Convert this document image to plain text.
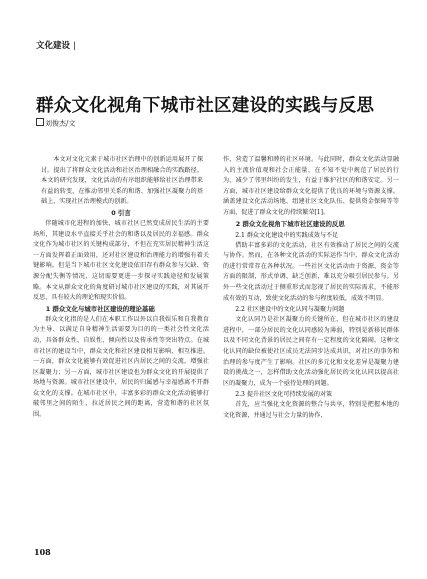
文化建设 |
群众文化视角下城市社区建设的实践与反思
刘俊杰/文

本文对文化元素于城市社区治理中的创新运用展开了探讨。提出了将群众文化活动和社区治理相融合的实践路径。本文的研究发现，文化活动的有序组织能够给社区治理带来有益的转变，在推动邻里关系的和谐、加强社区凝聚力的基础上，实现社区治理模式的创新。

0 引言

伴随城市化进程的加快，城市社区已然变成居民生活的主要场所，其建设水平直接关乎社会的和谐以及居民的幸福感。群众文化作为城市社区的关键构成部分，不但在充实居民精神生活这一方面发挥着正面效用，还对社区建设和治理能力的增强有着关键影响。但是当下城市社区文化建设依旧存有群众参与欠缺、资源分配失衡等情况，这切需要更进一步探寻实践途径和发展策略。本文从群众文化的角度研讨城市社区建设的实践，对其展开反思，具有较大的理论和现实价值。

1 群众文化与城市社区建设的理论基础

群众文化指的是人们在本职工作以外以自我娱乐和自我教育为主导、以满足自身精神生活需要为目的的一类社会性文化活动，具备群众性、自娱性、倾向性以及传承性等突出特点。在城市社区的建设当中，群众文化和社区建设相互影响、相互推进。一方面，群众文化能够有效促进社区内居民之间的交流，增强社区凝聚力；另一方面，城市社区建设也为群众文化的开展提供了场地与资源。城市社区建设中，居民的归属感与幸福感离不开群众文化的支撑。在城市社区中，丰富多彩的群众文化活动能够打破邻里之间的陌生，拉近居民之间的距离，营造和谐的社区氛围。

作，营造了温馨和睦的社区环境。与此同时，群众文化活动显融入的主流价值观和社会正能量，在不知不觉中规范了居民的行为，减少了邻里纠纷的发生，有益于维护社区的和谐安定。另一方面，城市社区建设给群众文化提供了优良的环境与资源支撑。涵盖建设文化活动场地、组建社区文化队伍、提供资金保障等等方面，促进了群众文化的持续繁荣[1]。

2 群众文化视角下城市社区建设的反思
2.1 群众文化建设中的实践成效与不足

借助丰富多彩的文化活动，社区有效推动了居民之间的交流与协作。然而，在各种文化活动的实际运作当中，群众文化活动的进行常常存在各种状况。一些社区文化活动由于资源、资金等方面的限制，形式单调、缺乏创新，难以充分吸引居民参与。另外一些文化活动过于侧重形式而忽视了居民的实际需求，不能形成有效的互动，致使文化活动的参与程度较低，成效不明显。

2.2 社区建设中的文化认同与凝聚力问题

文化认同乃是社区凝聚力的关键所在，但在城市社区的建设进程中，一部分居民的文化认同感较为薄弱，特别是新移民群体以及不同文化背景的居民之间存有一定程度的文化隔阂。这种文化认同的缺位被使社区成员无法同步达成共识，对社区的事务和治理的参与度产生了影响。社区的多元化和文化差异是凝聚力建设的挑战之一，怎样借助文化活动强化居民的文化认同以提高社区的凝聚力，成为一个亟待处理的问题。

2.3 提升社区文化可持续发展的对策

首先，应当强化文化资源的整合与共享，特别是把握本地的文化资源，并通过与社会力量的协作，

108
